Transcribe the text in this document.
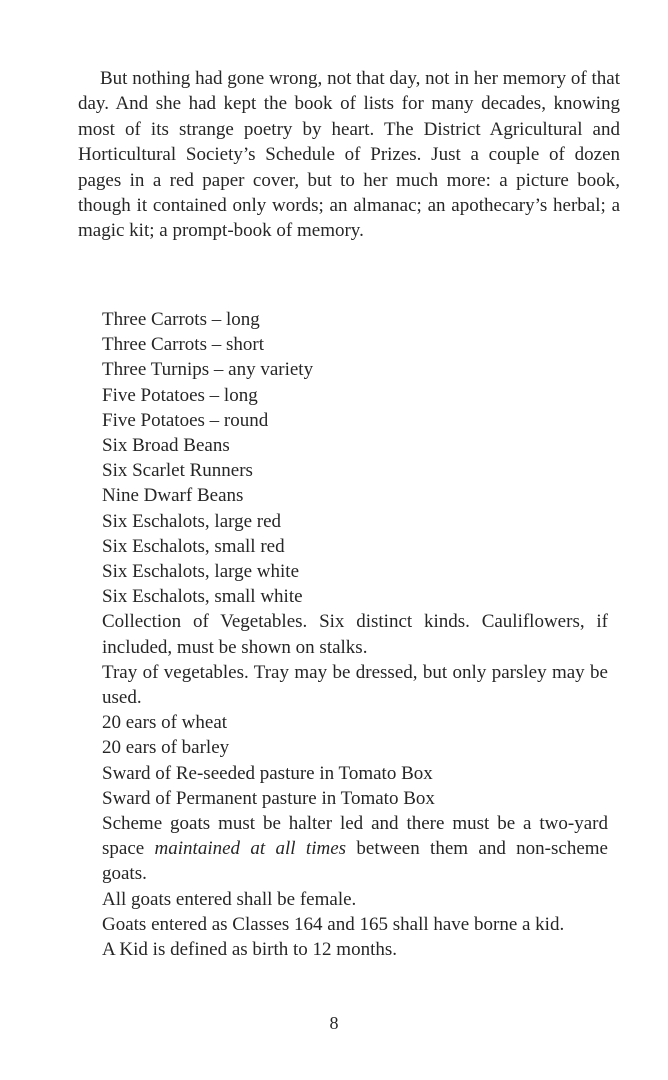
But nothing had gone wrong, not that day, not in her memory of that day. And she had kept the book of lists for many decades, knowing most of its strange poetry by heart. The District Agricultural and Horticultural Society’s Schedule of Prizes. Just a couple of dozen pages in a red paper cover, but to her much more: a picture book, though it contained only words; an almanac; an apothecary’s herbal; a magic kit; a prompt-book of memory.

Three Carrots – long
Three Carrots – short
Three Turnips – any variety
Five Potatoes – long
Five Potatoes – round
Six Broad Beans
Six Scarlet Runners
Nine Dwarf Beans
Six Eschalots, large red
Six Eschalots, small red
Six Eschalots, large white
Six Eschalots, small white
Collection of Vegetables. Six distinct kinds. Cauliflowers, if included, must be shown on stalks.
Tray of vegetables. Tray may be dressed, but only parsley may be used.
20 ears of wheat
20 ears of barley
Sward of Re-seeded pasture in Tomato Box
Sward of Permanent pasture in Tomato Box
Scheme goats must be halter led and there must be a two-yard space maintained at all times between them and non-scheme goats.
All goats entered shall be female.
Goats entered as Classes 164 and 165 shall have borne a kid.
A Kid is defined as birth to 12 months.

8
